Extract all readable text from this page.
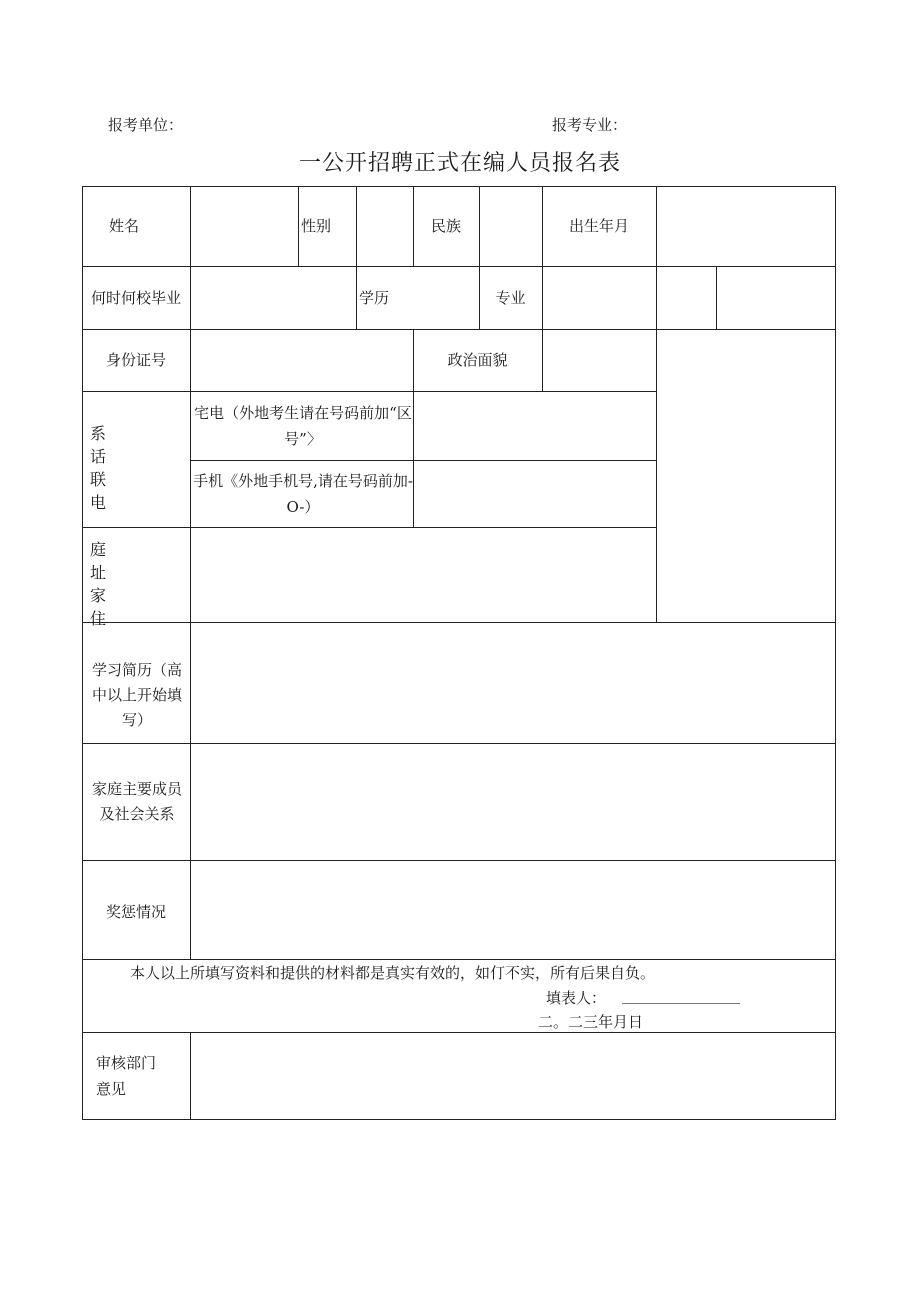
报考单位：	报考专业：
一公开招聘正式在编人员报名表
姓名	性别	民族	出生年月
何时何校毕业	学历	专业
身份证号	政治面貌
系话联电
宅电（外地考生请在号码前加“区号”〉
手机《外地手机号,请在号码前加-O-）
庭址家住
学习简历（高中以上开始填写）
家庭主要成员及社会关系
奖惩情况
本人以上所填写资料和提供的材料都是真实有效的，如仃不实，所有后果自负。
填表人：
二。二三年月日
审核部门意见
